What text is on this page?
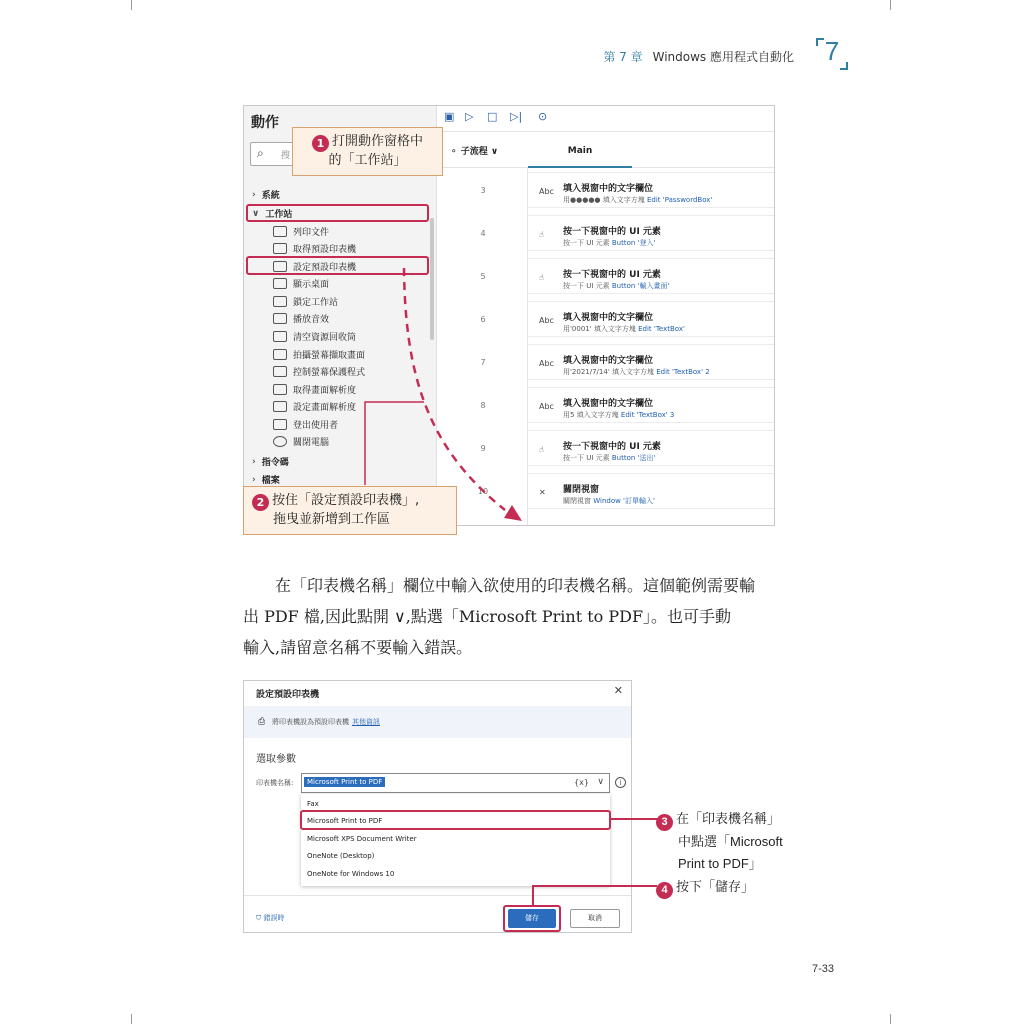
第 7 章 Windows 應用程式自動化	7
動作
⌕ 搜
› 系統
∨ 工作站
列印文件
取得預設印表機
設定預設印表機
顯示桌面
鎖定工作站
播放音效
清空資源回收筒
拍攝螢幕擷取畫面
控制螢幕保護程式
取得畫面解析度
設定畫面解析度
登出使用者
關閉電腦
› 指令碼
› 檔案
▣ ▷ □ ▷| ⊙
⚬ 子流程 ∨	Main
3	Abc 填入視窗中的文字欄位
用●●●●● 填入文字方塊 Edit 'PasswordBox'
4	☝ 按一下視窗中的 UI 元素
按一下 UI 元素 Button '登入'
5	☝ 按一下視窗中的 UI 元素
按一下 UI 元素 Button '輸入畫面'
6	Abc 填入視窗中的文字欄位
用'0001' 填入文字方塊 Edit 'TextBox'
7	Abc 填入視窗中的文字欄位
用'2021/7/14' 填入文字方塊 Edit 'TextBox' 2
8	Abc 填入視窗中的文字欄位
用5 填入文字方塊 Edit 'TextBox' 3
9	☝ 按一下視窗中的 UI 元素
按一下 UI 元素 Button '送出'
10	✕ 關閉視窗
關閉視窗 Window '訂單輸入'
1 打開動作窗格中
的「工作站」
2 按住「設定預設印表機」,
拖曳並新增到工作區
在「印表機名稱」欄位中輸入欲使用的印表機名稱。這個範例需要輸
出 PDF 檔,因此點開 ∨,點選「Microsoft Print to PDF」。也可手動
輸入,請留意名稱不要輸入錯誤。
設定預設印表機	✕
⎙ 將印表機設為預設印表機 其他資訊
選取參數
印表機名稱:	Microsoft Print to PDF	{x} ∨	i
Fax
Microsoft Print to PDF
Microsoft XPS Document Writer
OneNote (Desktop)
OneNote for Windows 10
⛉ 錯誤時	儲存	取消
3 在「印表機名稱」
中點選「Microsoft
Print to PDF」
4 按下「儲存」
7-33
